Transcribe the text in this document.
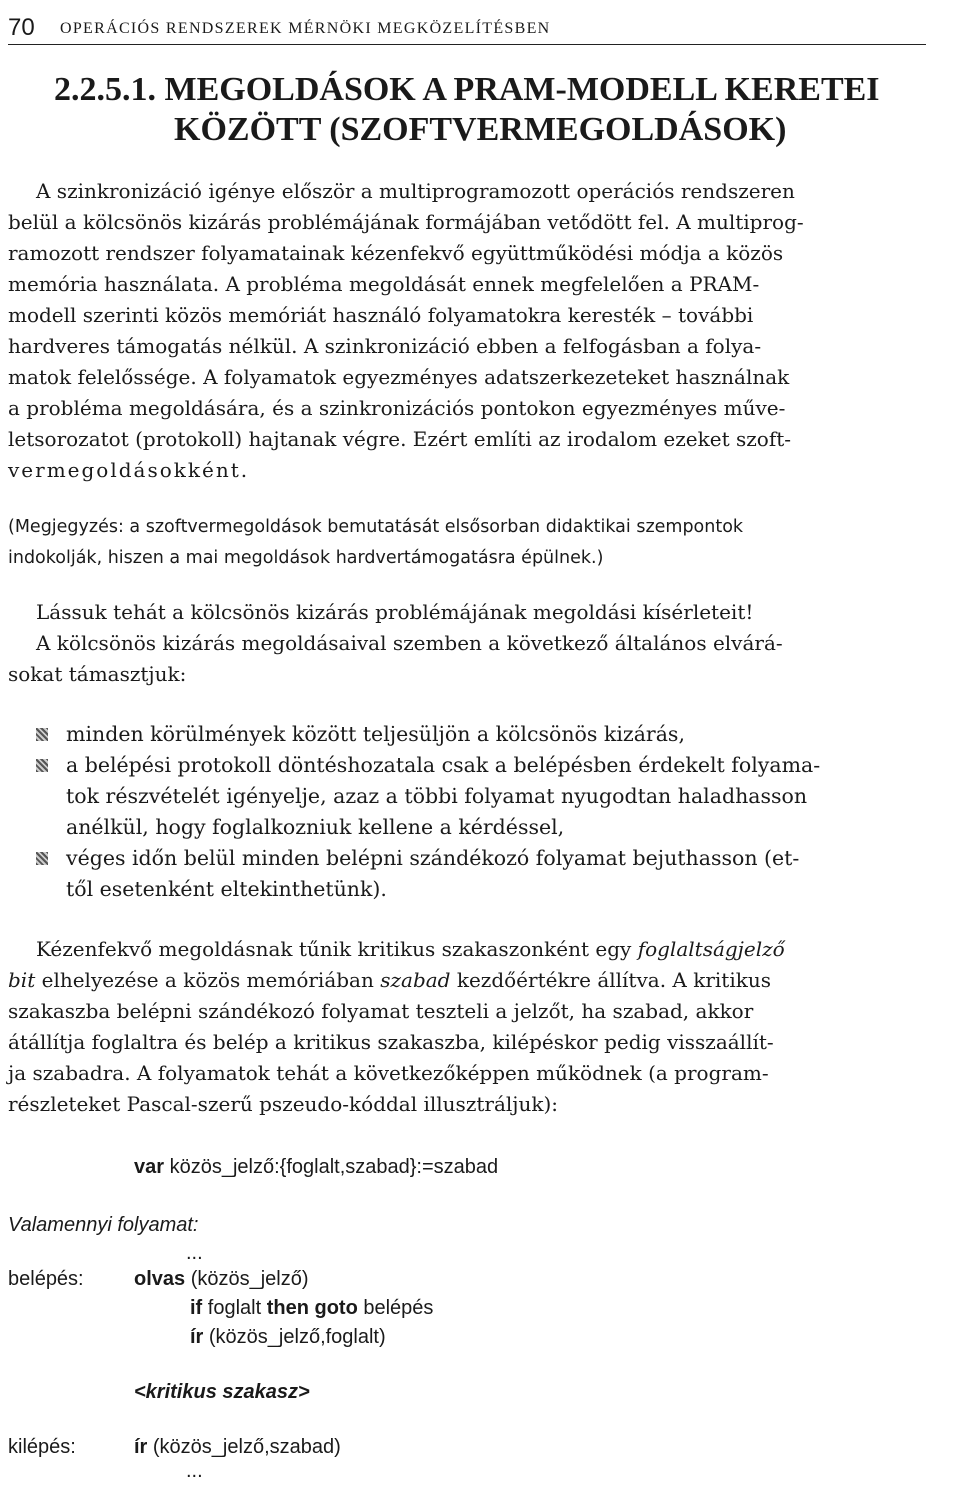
70 OPERÁCIÓS RENDSZEREK MÉRNÖKI MEGKÖZELÍTÉSBEN
2.2.5.1. MEGOLDÁSOK A PRAM-MODELL KERETEI
KÖZÖTT (SZOFTVERMEGOLDÁSOK)
A szinkronizáció igénye először a multiprogramozott operációs rendszeren
belül a kölcsönös kizárás problémájának formájában vetődött fel. A multiprog-
ramozott rendszer folyamatainak kézenfekvő együttműködési módja a közös
memória használata. A probléma megoldását ennek megfelelően a PRAM-
modell szerinti közös memóriát használó folyamatokra keresték – további
hardveres támogatás nélkül. A szinkronizáció ebben a felfogásban a folya-
matok felelőssége. A folyamatok egyezményes adatszerkezeteket használnak
a probléma megoldására, és a szinkronizációs pontokon egyezményes műve-
letsorozatot (protokoll) hajtanak végre. Ezért említi az irodalom ezeket szoft-
vermegoldásokként.
(Megjegyzés: a szoftvermegoldások bemutatását elsősorban didaktikai szempontok
indokolják, hiszen a mai megoldások hardvertámogatásra épülnek.)
Lássuk tehát a kölcsönös kizárás problémájának megoldási kísérleteit!
A kölcsönös kizárás megoldásaival szemben a következő általános elvárá-
sokat támasztjuk:
minden körülmények között teljesüljön a kölcsönös kizárás,
a belépési protokoll döntéshozatala csak a belépésben érdekelt folyama-
tok részvételét igényelje, azaz a többi folyamat nyugodtan haladhasson
anélkül, hogy foglalkozniuk kellene a kérdéssel,
véges időn belül minden belépni szándékozó folyamat bejuthasson (et-
től esetenként eltekinthetünk).
Kézenfekvő megoldásnak tűnik kritikus szakaszonként egy foglaltságjelző
bit elhelyezése a közös memóriában szabad kezdőértékre állítva. A kritikus
szakaszba belépni szándékozó folyamat teszteli a jelzőt, ha szabad, akkor
átállítja foglaltra és belép a kritikus szakaszba, kilépéskor pedig visszaállít-
ja szabadra. A folyamatok tehát a következőképpen működnek (a program-
részleteket Pascal-szerű pszeudo-kóddal illusztráljuk):
var közös_jelző:{foglalt,szabad}:=szabad
Valamennyi folyamat:
...
belépés:	olvas (közös_jelző)
if foglalt then goto belépés
ír (közös_jelző,foglalt)
<kritikus szakasz>
kilépés:	ír (közös_jelző,szabad)
...
